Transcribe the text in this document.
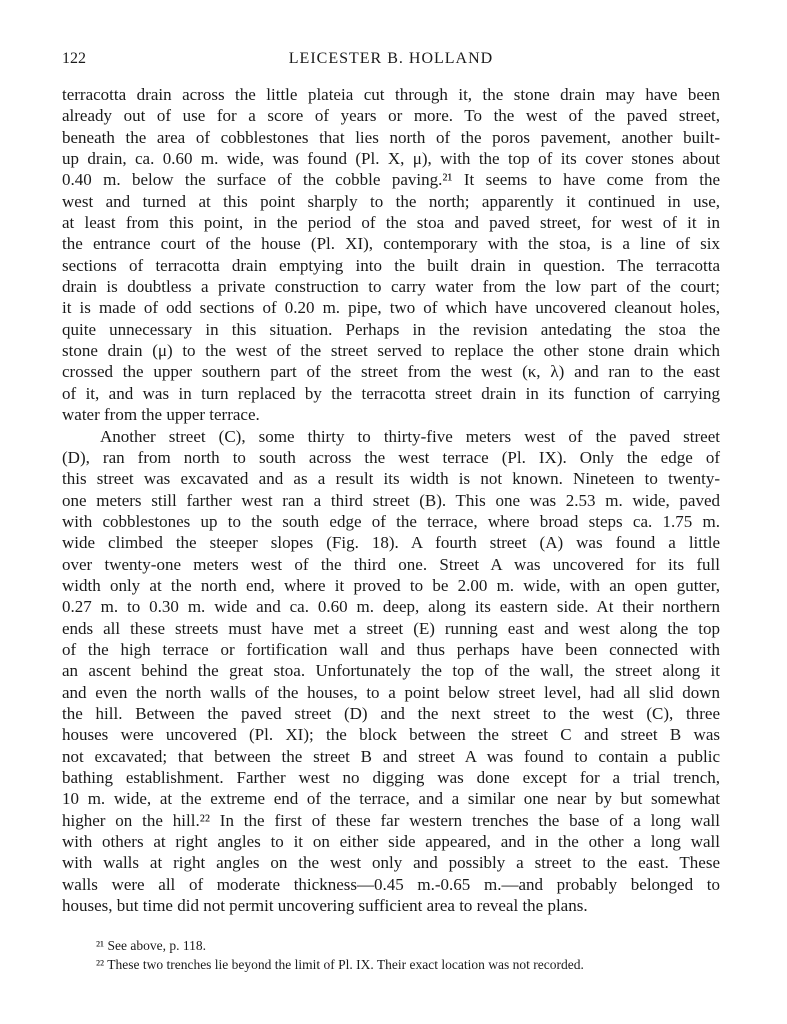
122	LEICESTER B. HOLLAND
terracotta drain across the little plateia cut through it, the stone drain may have been
already out of use for a score of years or more. To the west of the paved street,
beneath the area of cobblestones that lies north of the poros pavement, another built-
up drain, ca. 0.60 m. wide, was found (Pl. X, μ), with the top of its cover stones about
0.40 m. below the surface of the cobble paving.²¹ It seems to have come from the
west and turned at this point sharply to the north; apparently it continued in use,
at least from this point, in the period of the stoa and paved street, for west of it in
the entrance court of the house (Pl. XI), contemporary with the stoa, is a line of six
sections of terracotta drain emptying into the built drain in question. The terracotta
drain is doubtless a private construction to carry water from the low part of the court;
it is made of odd sections of 0.20 m. pipe, two of which have uncovered cleanout holes,
quite unnecessary in this situation. Perhaps in the revision antedating the stoa the
stone drain (μ) to the west of the street served to replace the other stone drain which
crossed the upper southern part of the street from the west (κ, λ) and ran to the east
of it, and was in turn replaced by the terracotta street drain in its function of carrying
water from the upper terrace.
Another street (C), some thirty to thirty-five meters west of the paved street
(D), ran from north to south across the west terrace (Pl. IX). Only the edge of
this street was excavated and as a result its width is not known. Nineteen to twenty-
one meters still farther west ran a third street (B). This one was 2.53 m. wide, paved
with cobblestones up to the south edge of the terrace, where broad steps ca. 1.75 m.
wide climbed the steeper slopes (Fig. 18). A fourth street (A) was found a little
over twenty-one meters west of the third one. Street A was uncovered for its full
width only at the north end, where it proved to be 2.00 m. wide, with an open gutter,
0.27 m. to 0.30 m. wide and ca. 0.60 m. deep, along its eastern side. At their northern
ends all these streets must have met a street (E) running east and west along the top
of the high terrace or fortification wall and thus perhaps have been connected with
an ascent behind the great stoa. Unfortunately the top of the wall, the street along it
and even the north walls of the houses, to a point below street level, had all slid down
the hill. Between the paved street (D) and the next street to the west (C), three
houses were uncovered (Pl. XI); the block between the street C and street B was
not excavated; that between the street B and street A was found to contain a public
bathing establishment. Farther west no digging was done except for a trial trench,
10 m. wide, at the extreme end of the terrace, and a similar one near by but somewhat
higher on the hill.²² In the first of these far western trenches the base of a long wall
with others at right angles to it on either side appeared, and in the other a long wall
with walls at right angles on the west only and possibly a street to the east. These
walls were all of moderate thickness—0.45 m.-0.65 m.—and probably belonged to
houses, but time did not permit uncovering sufficient area to reveal the plans.
²¹ See above, p. 118.
²² These two trenches lie beyond the limit of Pl. IX. Their exact location was not recorded.
